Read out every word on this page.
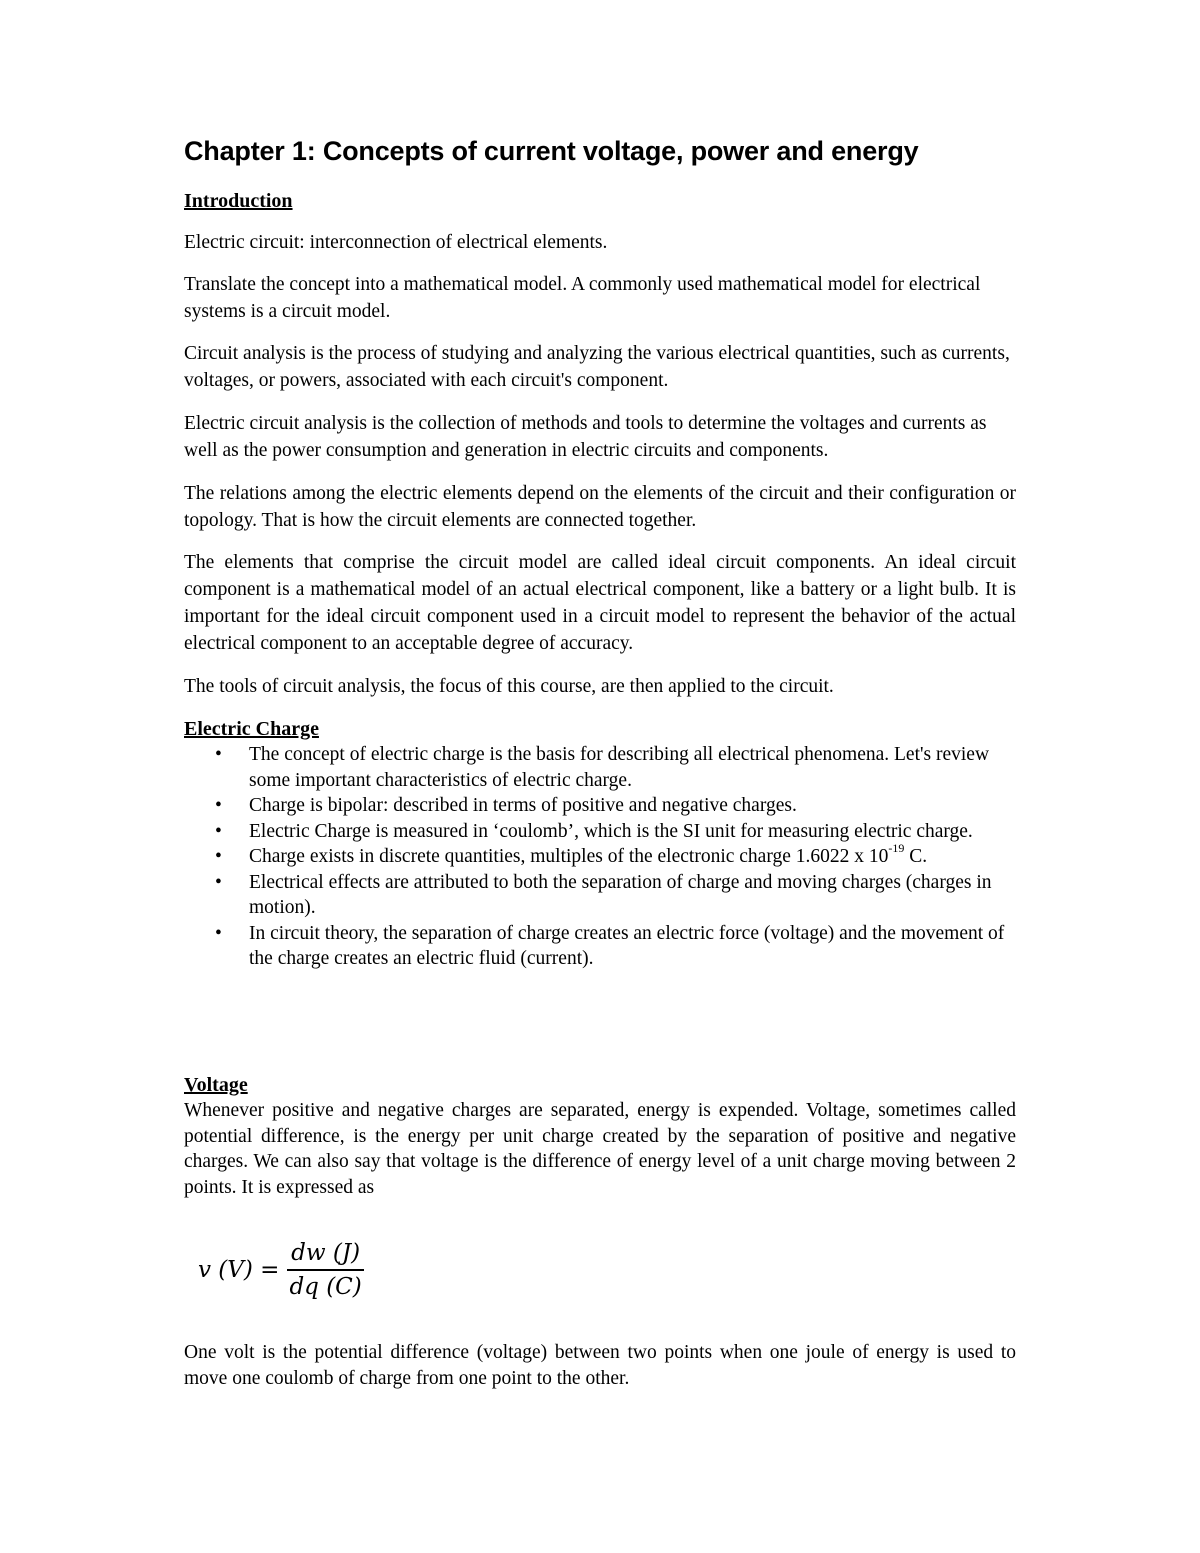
Chapter 1: Concepts of current voltage, power and energy

Introduction

Electric circuit: interconnection of electrical elements.

Translate the concept into a mathematical model. A commonly used mathematical model for electrical systems is a circuit model.

Circuit analysis is the process of studying and analyzing the various electrical quantities, such as currents, voltages, or powers, associated with each circuit's component.

Electric circuit analysis is the collection of methods and tools to determine the voltages and currents as well as the power consumption and generation in electric circuits and components.

The relations among the electric elements depend on the elements of the circuit and their configuration or topology. That is how the circuit elements are connected together.

The elements that comprise the circuit model are called ideal circuit components. An ideal circuit component is a mathematical model of an actual electrical component, like a battery or a light bulb. It is important for the ideal circuit component used in a circuit model to represent the behavior of the actual electrical component to an acceptable degree of accuracy.

The tools of circuit analysis, the focus of this course, are then applied to the circuit.

Electric Charge

• The concept of electric charge is the basis for describing all electrical phenomena. Let's review some important characteristics of electric charge.
• Charge is bipolar: described in terms of positive and negative charges.
• Electric Charge is measured in ‘coulomb’, which is the SI unit for measuring electric charge.
• Charge exists in discrete quantities, multiples of the electronic charge 1.6022 x $10^{-19}$ C.
• Electrical effects are attributed to both the separation of charge and moving charges (charges in motion).
• In circuit theory, the separation of charge creates an electric force (voltage) and the movement of the charge creates an electric fluid (current).

Voltage

Whenever positive and negative charges are separated, energy is expended. Voltage, sometimes called potential difference, is the energy per unit charge created by the separation of positive and negative charges. We can also say that voltage is the difference of energy level of a unit charge moving between 2 points. It is expressed as

v $(V) = \frac{dw (J)}{dq (C)}$

One volt is the potential difference (voltage) between two points when one joule of energy is used to move one coulomb of charge from one point to the other.
